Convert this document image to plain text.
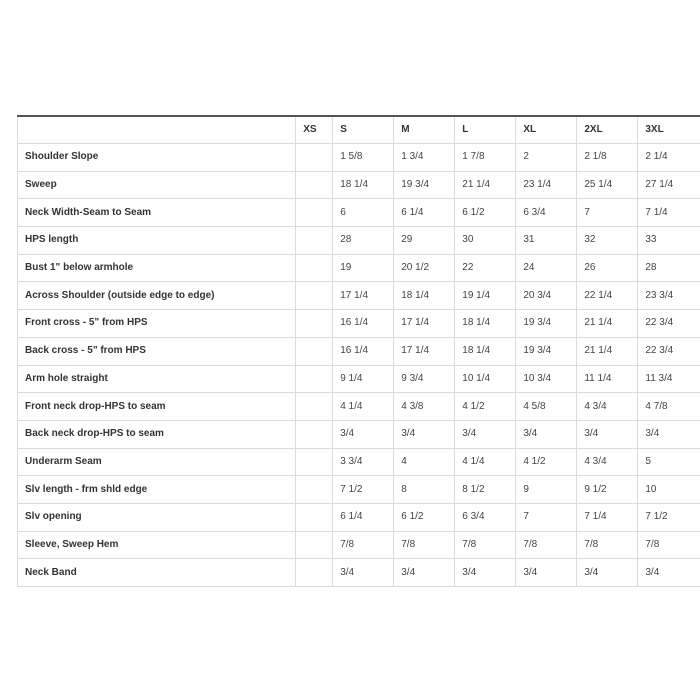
	XS	S	M	L	XL	2XL	3XL
Shoulder Slope		1 5/8	1 3/4	1 7/8	2	2 1/8	2 1/4
Sweep		18 1/4	19 3/4	21 1/4	23 1/4	25 1/4	27 1/4
Neck Width-Seam to Seam		6	6 1/4	6 1/2	6 3/4	7	7 1/4
HPS length		28	29	30	31	32	33
Bust 1" below armhole		19	20 1/2	22	24	26	28
Across Shoulder (outside edge to edge)		17 1/4	18 1/4	19 1/4	20 3/4	22 1/4	23 3/4
Front cross - 5" from HPS		16 1/4	17 1/4	18 1/4	19 3/4	21 1/4	22 3/4
Back cross - 5" from HPS		16 1/4	17 1/4	18 1/4	19 3/4	21 1/4	22 3/4
Arm hole straight		9 1/4	9 3/4	10 1/4	10 3/4	11 1/4	11 3/4
Front neck drop-HPS to seam		4 1/4	4 3/8	4 1/2	4 5/8	4 3/4	4 7/8
Back neck drop-HPS to seam		3/4	3/4	3/4	3/4	3/4	3/4
Underarm Seam		3 3/4	4	4 1/4	4 1/2	4 3/4	5
Slv length - frm shld edge		7 1/2	8	8 1/2	9	9 1/2	10
Slv opening		6 1/4	6 1/2	6 3/4	7	7 1/4	7 1/2
Sleeve, Sweep Hem		7/8	7/8	7/8	7/8	7/8	7/8
Neck Band		3/4	3/4	3/4	3/4	3/4	3/4
